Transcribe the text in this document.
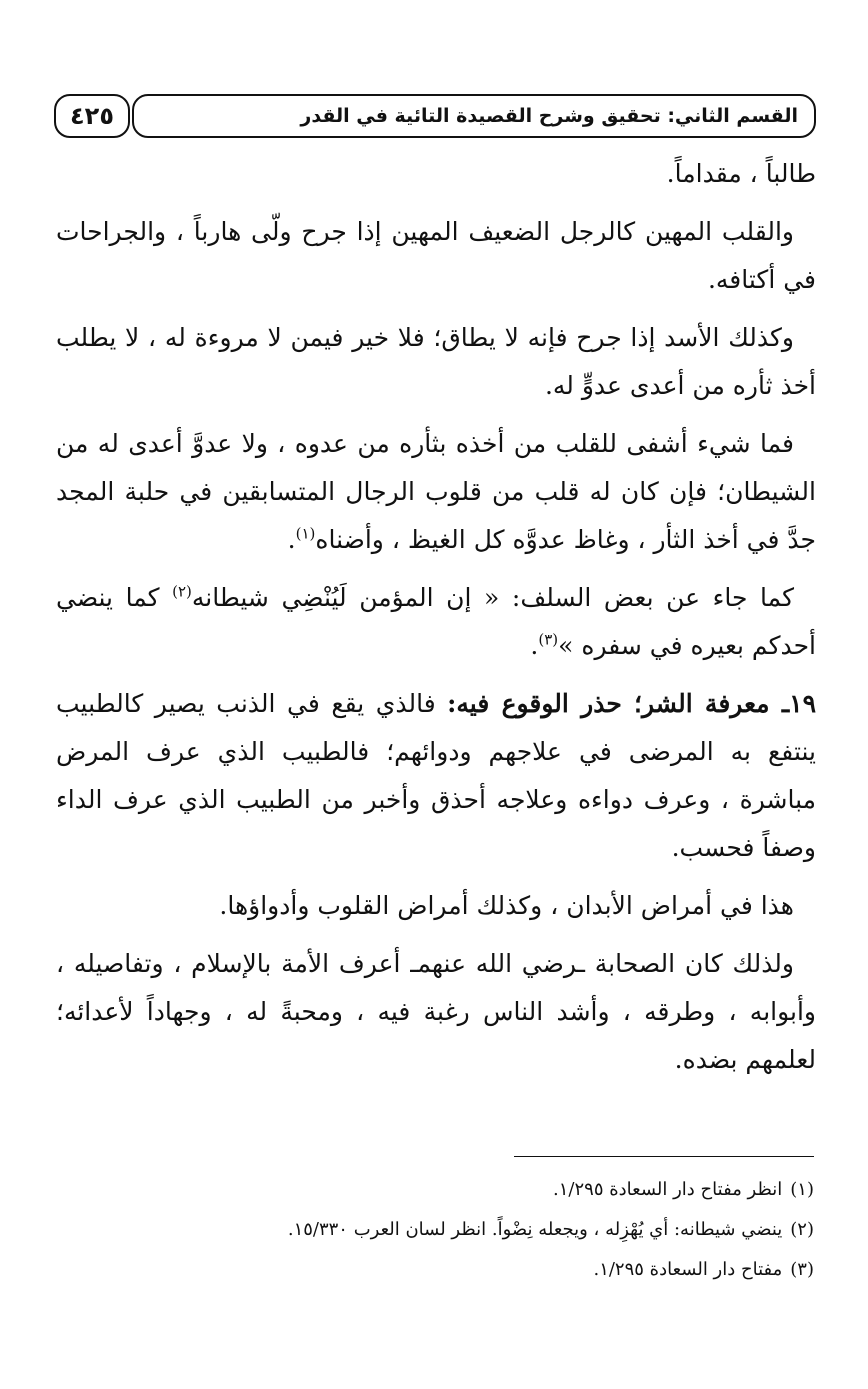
القسم الثاني: تحقيق وشرح القصيدة التائية في القدر
٤٢٥

طالباً ، مقداماً.

والقلب المهين كالرجل الضعيف المهين إذا جرح ولّى هارباً ، والجراحات في أكتافه.

وكذلك الأسد إذا جرح فإنه لا يطاق؛ فلا خير فيمن لا مروءة له ، لا يطلب أخذ ثأره من أعدى عدوٍّ له.

فما شيء أشفى للقلب من أخذه بثأره من عدوه ، ولا عدوَّ أعدى له من الشيطان؛ فإن كان له قلب من قلوب الرجال المتسابقين في حلبة المجد جدَّ في أخذ الثأر ، وغاظ عدوَّه كل الغيظ ، وأضناه$^{(١)}$.

كما جاء عن بعض السلف: « إن المؤمن لَيُنْضِي شيطانه$^{(٢)}$ كما ينضي أحدكم بعيره في سفره »$^{(٣)}$.

١٩ـ معرفة الشر؛ حذر الوقوع فيه: فالذي يقع في الذنب يصير كالطبيب ينتفع به المرضى في علاجهم ودوائهم؛ فالطبيب الذي عرف المرض مباشرة ، وعرف دواءه وعلاجه أحذق وأخبر من الطبيب الذي عرف الداء وصفاً فحسب.

هذا في أمراض الأبدان ، وكذلك أمراض القلوب وأدواؤها.

ولذلك كان الصحابة ـرضي الله عنهمـ أعرف الأمة بالإسلام ، وتفاصيله ، وأبوابه ، وطرقه ، وأشد الناس رغبة فيه ، ومحبةً له ، وجهاداً لأعدائه؛ لعلمهم بضده.

(١)انظر مفتاح دار السعادة ١/٢٩٥.

(٢)ينضي شيطانه: أي يُهْزِله ، ويجعله نِضْواً. انظر لسان العرب ١٥/٣٣٠.

(٣)مفتاح دار السعادة ١/٢٩٥.
